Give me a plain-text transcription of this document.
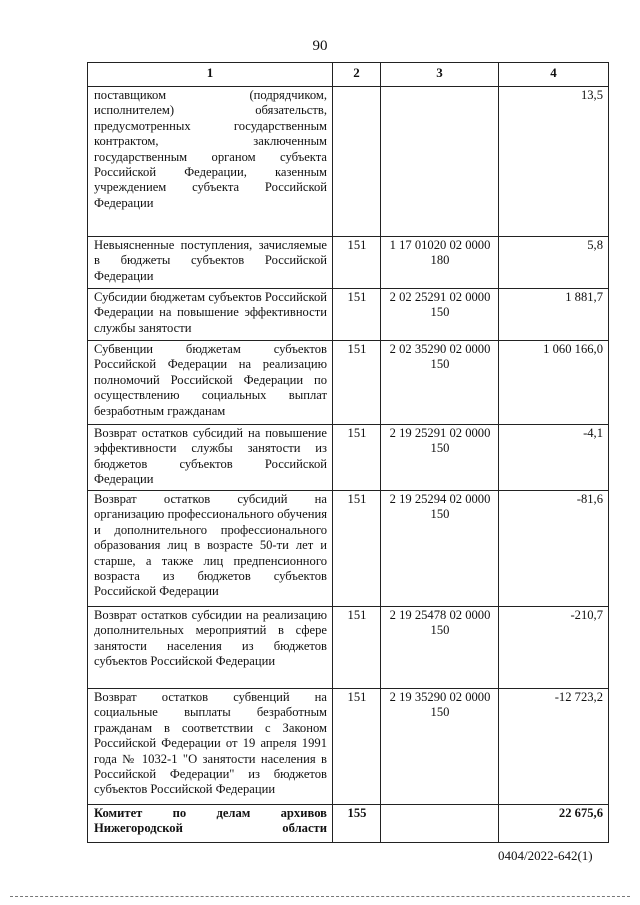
90
1	2	3	4
поставщиком (подрядчиком, исполнителем) обязательств, предусмотренных государственным контрактом, заключенным государственным органом субъекта Российской Федерации, казенным учреждением субъекта Российской Федерации			13,5
Невыясненные поступления, зачисляемые в бюджеты субъектов Российской Федерации	151	1 17 01020 02 0000 180	5,8
Субсидии бюджетам субъектов Российской Федерации на повышение эффективности службы занятости	151	2 02 25291 02 0000 150	1 881,7
Субвенции бюджетам субъектов Российской Федерации на реализацию полномочий Российской Федерации по осуществлению социальных выплат безработным гражданам	151	2 02 35290 02 0000 150	1 060 166,0
Возврат остатков субсидий на повышение эффективности службы занятости из бюджетов субъектов Российской Федерации	151	2 19 25291 02 0000 150	-4,1
Возврат остатков субсидий на организацию профессионального обучения и дополнительного профессионального образования лиц в возрасте 50-ти лет и старше, а также лиц предпенсионного возраста из бюджетов субъектов Российской Федерации	151	2 19 25294 02 0000 150	-81,6
Возврат остатков субсидии на реализацию дополнительных мероприятий в сфере занятости населения из бюджетов субъектов Российской Федерации	151	2 19 25478 02 0000 150	-210,7
Возврат остатков субвенций на социальные выплаты безработным гражданам в соответствии с Законом Российской Федерации от 19 апреля 1991 года № 1032-1 "О занятости населения в Российской Федерации" из бюджетов субъектов Российской Федерации	151	2 19 35290 02 0000 150	-12 723,2
Комитет по делам архивов Нижегородской области	155		22 675,6
0404/2022-642(1)
